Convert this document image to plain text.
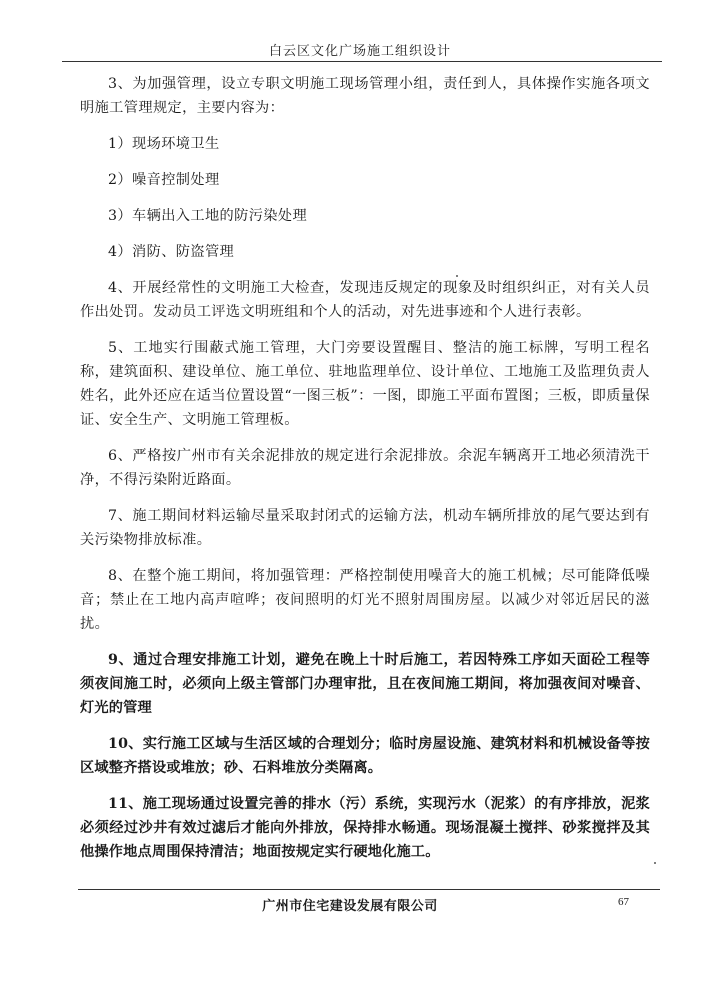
白云区文化广场施工组织设计

3、为加强管理，设立专职文明施工现场管理小组，责任到人，具体操作实施各项文明施工管理规定，主要内容为：

1）现场环境卫生

2）噪音控制处理

3）车辆出入工地的防污染处理

4）消防、防盗管理

4、开展经常性的文明施工大检查，发现违反规定的现象及时组织纠正，对有关人员作出处罚。发动员工评选文明班组和个人的活动，对先进事迹和个人进行表彰。

5、工地实行围蔽式施工管理，大门旁要设置醒目、整洁的施工标牌，写明工程名称，建筑面积、建设单位、施工单位、驻地监理单位、设计单位、工地施工及监理负责人姓名，此外还应在适当位置设置“一图三板”：一图，即施工平面布置图；三板，即质量保证、安全生产、文明施工管理板。

6、严格按广州市有关余泥排放的规定进行余泥排放。余泥车辆离开工地必须清洗干净，不得污染附近路面。

7、施工期间材料运输尽量采取封闭式的运输方法，机动车辆所排放的尾气要达到有关污染物排放标准。

8、在整个施工期间，将加强管理：严格控制使用噪音大的施工机械；尽可能降低噪音；禁止在工地内高声喧哗；夜间照明的灯光不照射周围房屋。以减少对邻近居民的滋扰。

9、通过合理安排施工计划，避免在晚上十时后施工，若因特殊工序如天面砼工程等须夜间施工时，必须向上级主管部门办理审批，且在夜间施工期间，将加强夜间对噪音、灯光的管理

10、实行施工区域与生活区域的合理划分；临时房屋设施、建筑材料和机械设备等按区域整齐搭设或堆放；砂、石料堆放分类隔离。

11、施工现场通过设置完善的排水（污）系统，实现污水（泥浆）的有序排放，泥浆必须经过沙井有效过滤后才能向外排放，保持排水畅通。现场混凝土搅拌、砂浆搅拌及其他操作地点周围保持清洁；地面按规定实行硬地化施工。

广州市住宅建设发展有限公司	67
